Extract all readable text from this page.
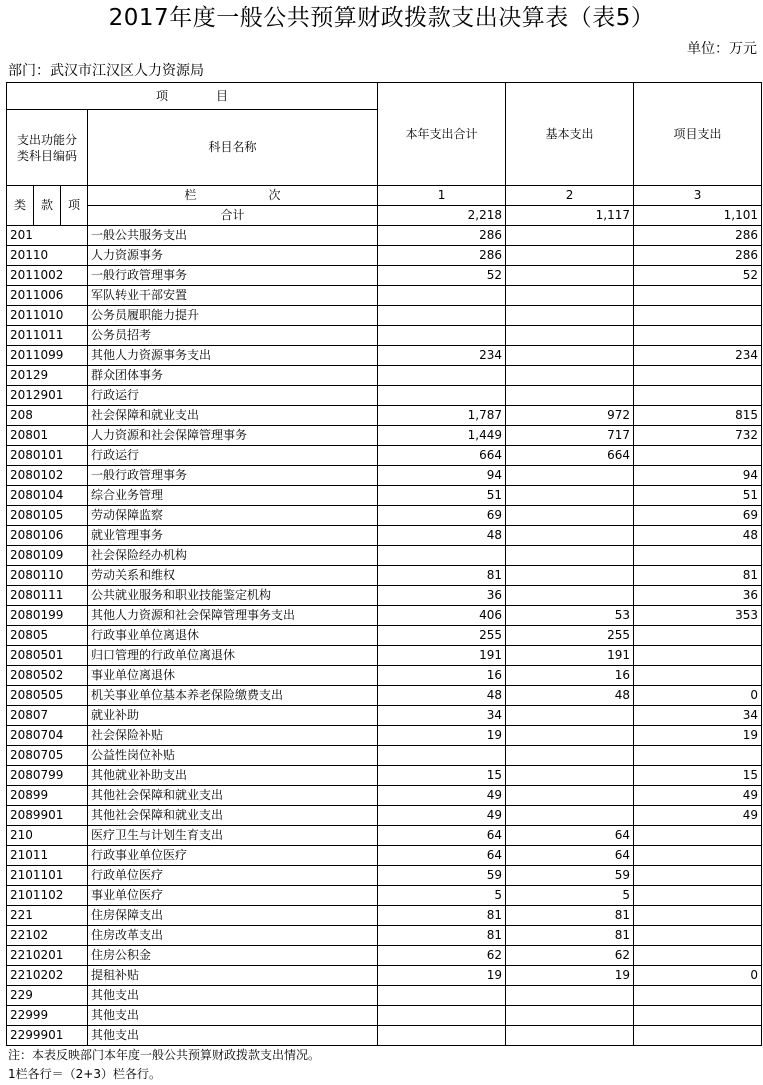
2017年度一般公共预算财政拨款支出决算表（表5）
单位：万元
部门：武汉市江汉区人力资源局
项　　　　目				本年支出合计	基本支出	项目支出

支出功能分
类科目编码			科目名称			
类	款	项	栏　　　　　　次	1	2	3
			合计	2,218	1,117	1,101
201			一般公共服务支出	286		286
20110			人力资源事务	286		286
2011002			一般行政管理事务	52		52
2011006			军队转业干部安置			
2011010			公务员履职能力提升			
2011011			公务员招考			
2011099			其他人力资源事务支出	234		234
20129			群众团体事务			
2012901			行政运行			
208			社会保障和就业支出	1,787	972	815
20801			人力资源和社会保障管理事务	1,449	717	732
2080101			行政运行	664	664	
2080102			一般行政管理事务	94		94
2080104			综合业务管理	51		51
2080105			劳动保障监察	69		69
2080106			就业管理事务	48		48
2080109			社会保险经办机构			
2080110			劳动关系和维权	81		81
2080111			公共就业服务和职业技能鉴定机构	36		36
2080199			其他人力资源和社会保障管理事务支出	406	53	353
20805			行政事业单位离退休	255	255	
2080501			归口管理的行政单位离退休	191	191	
2080502			事业单位离退休	16	16	
2080505			机关事业单位基本养老保险缴费支出	48	48	0
20807			就业补助	34		34
2080704			社会保险补贴	19		19
2080705			公益性岗位补贴			
2080799			其他就业补助支出	15		15
20899			其他社会保障和就业支出	49		49
2089901			其他社会保障和就业支出	49		49
210			医疗卫生与计划生育支出	64	64	
21011			行政事业单位医疗	64	64	
2101101			行政单位医疗	59	59	
2101102			事业单位医疗	5	5	
221			住房保障支出	81	81	
22102			住房改革支出	81	81	
2210201			住房公积金	62	62	
2210202			提租补贴	19	19	0
229			其他支出			
22999			其他支出			
2299901			其他支出			
注：本表反映部门本年度一般公共预算财政拨款支出情况。
1栏各行＝（2+3）栏各行。
